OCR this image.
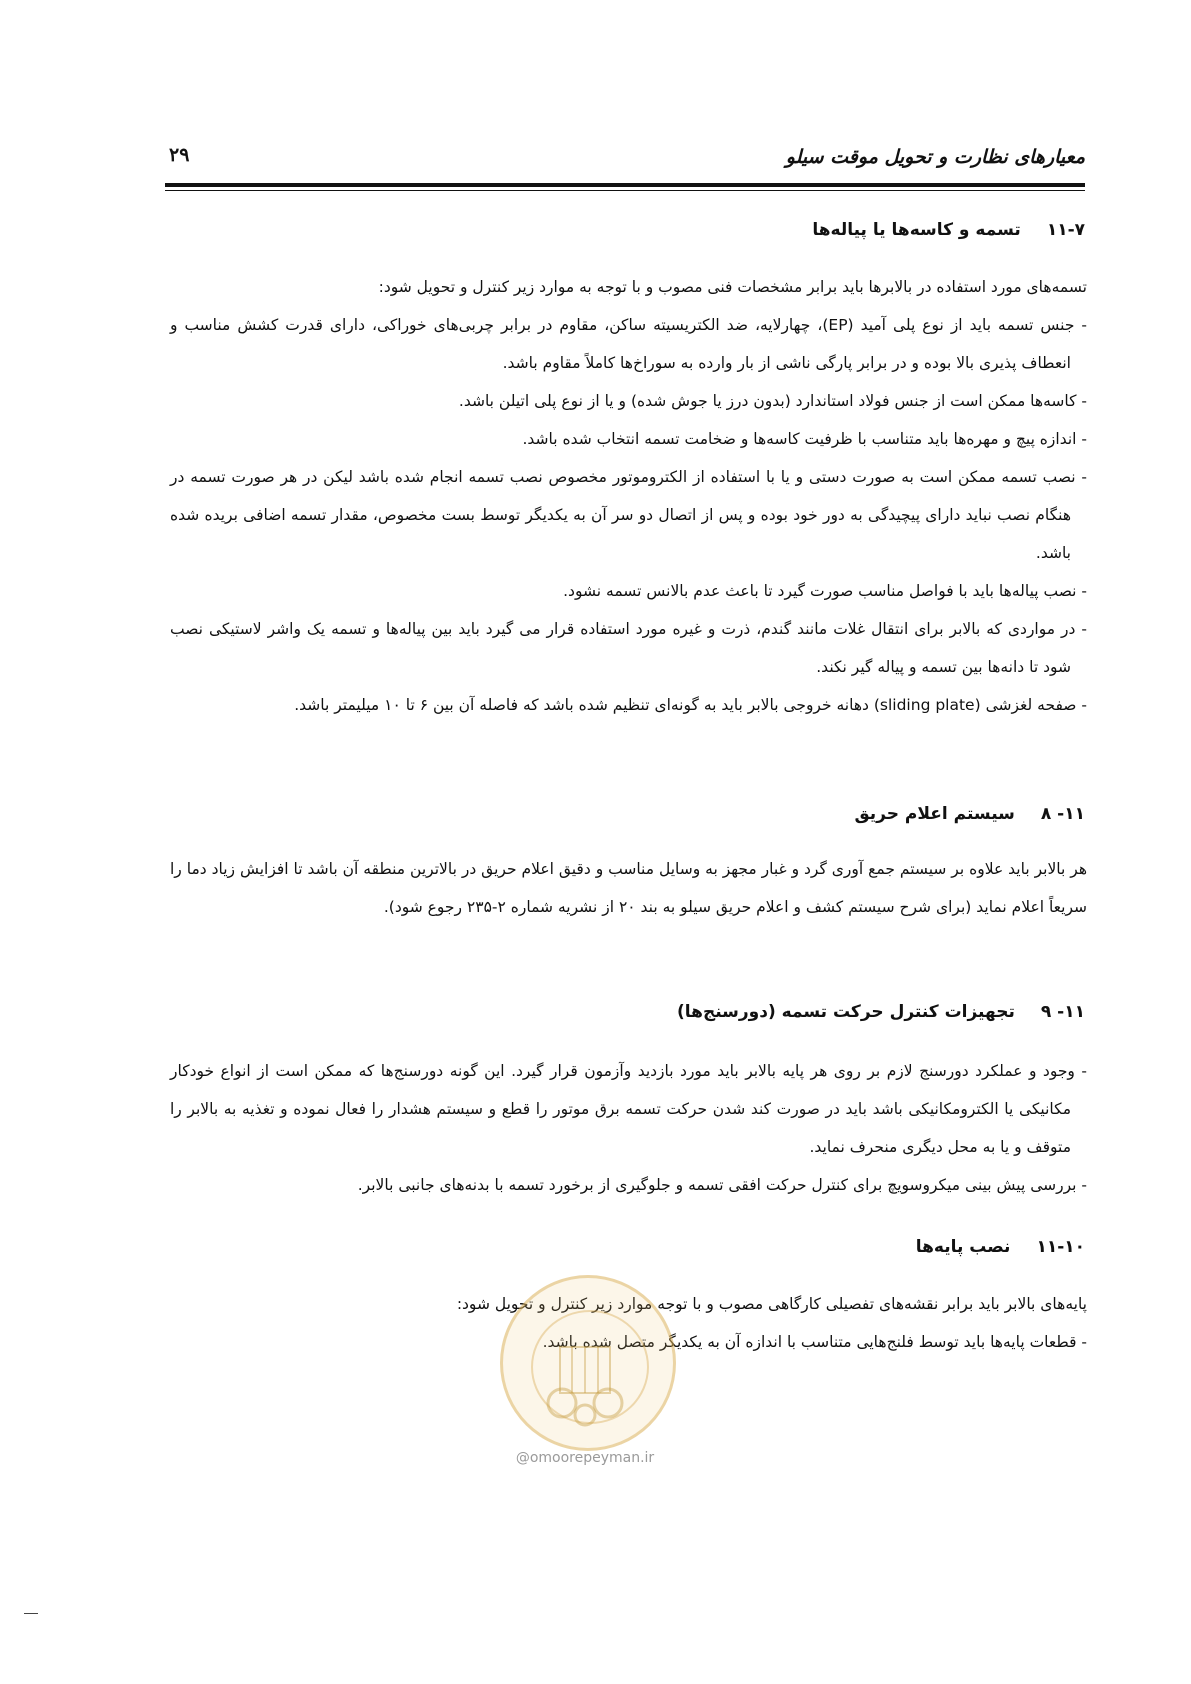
معیارهای نظارت و تحویل موقت سیلو
۲۹
۱۱-۷تسمه و کاسه‌ها یا پیاله‌ها

تسمه‌های مورد استفاده در بالابرها باید برابر مشخصات فنی مصوب و با توجه به موارد زیر کنترل و تحویل شود:

- جنس تسمه باید از نوع پلی آمید (EP)، چهارلایه، ضد الکتریسیته ساکن، مقاوم در برابر چربی‌های خوراکی، دارای قدرت کشش مناسب و انعطاف پذیری بالا بوده و در برابر پارگی ناشی از بار وارده به سوراخ‌ها کاملاً مقاوم باشد.

- کاسه‌ها ممکن است از جنس فولاد استاندارد (بدون درز یا جوش شده) و یا از نوع پلی اتیلن باشد.

- اندازه پیچ و مهره‌ها باید متناسب با ظرفیت کاسه‌ها و ضخامت تسمه انتخاب شده باشد.

- نصب تسمه ممکن است به صورت دستی و یا با استفاده از الکتروموتور مخصوص نصب تسمه انجام شده باشد لیکن در هر صورت تسمه در هنگام نصب نباید دارای پیچیدگی به دور خود بوده و پس از اتصال دو سر آن به یکدیگر توسط بست مخصوص، مقدار تسمه اضافی بریده شده باشد.

- نصب پیاله‌ها باید با فواصل مناسب صورت گیرد تا باعث عدم بالانس تسمه نشود.

- در مواردی که بالابر برای انتقال غلات مانند گندم، ذرت و غیره مورد استفاده قرار می گیرد باید بین پیاله‌ها و تسمه یک واشر لاستیکی نصب شود تا دانه‌ها بین تسمه و پیاله گیر نکند.

- صفحه لغزشی (sliding plate) دهانه خروجی بالابر باید به گونه‌ای تنظیم شده باشد که فاصله آن بین ۶ تا ۱۰ میلیمتر باشد.

۱۱- ۸سیستم اعلام حریق

هر بالابر باید علاوه بر سیستم جمع آوری گرد و غبار مجهز به وسایل مناسب و دقیق اعلام حریق در بالاترین منطقه آن باشد تا افزایش زیاد دما را سریعاً اعلام نماید (برای شرح سیستم کشف و اعلام حریق سیلو به بند ۲۰ از نشریه شماره ۲-۲۳۵ رجوع شود).

۱۱- ۹تجهیزات کنترل حرکت تسمه (دورسنج‌ها)

- وجود و عملکرد دورسنج لازم بر روی هر پایه بالابر باید مورد بازدید وآزمون قرار گیرد. این گونه دورسنج‌ها که ممکن است از انواع خودکار مکانیکی یا الکترومکانیکی باشد باید در صورت کند شدن حرکت تسمه برق موتور را قطع و سیستم هشدار را فعال نموده و تغذیه به بالابر را متوقف و یا به محل دیگری منحرف نماید.

- بررسی پیش بینی میکروسویچ برای کنترل حرکت افقی تسمه و جلوگیری از برخورد تسمه با بدنه‌های جانبی بالابر.

۱۱-۱۰نصب پایه‌ها

پایه‌های بالابر باید برابر نقشه‌های تفصیلی کارگاهی مصوب و با توجه موارد زیر کنترل و تحویل شود:

- قطعات پایه‌ها باید توسط فلنج‌هایی متناسب با اندازه آن به یکدیگر متصل شده باشد.

@omoorepeyman.ir
